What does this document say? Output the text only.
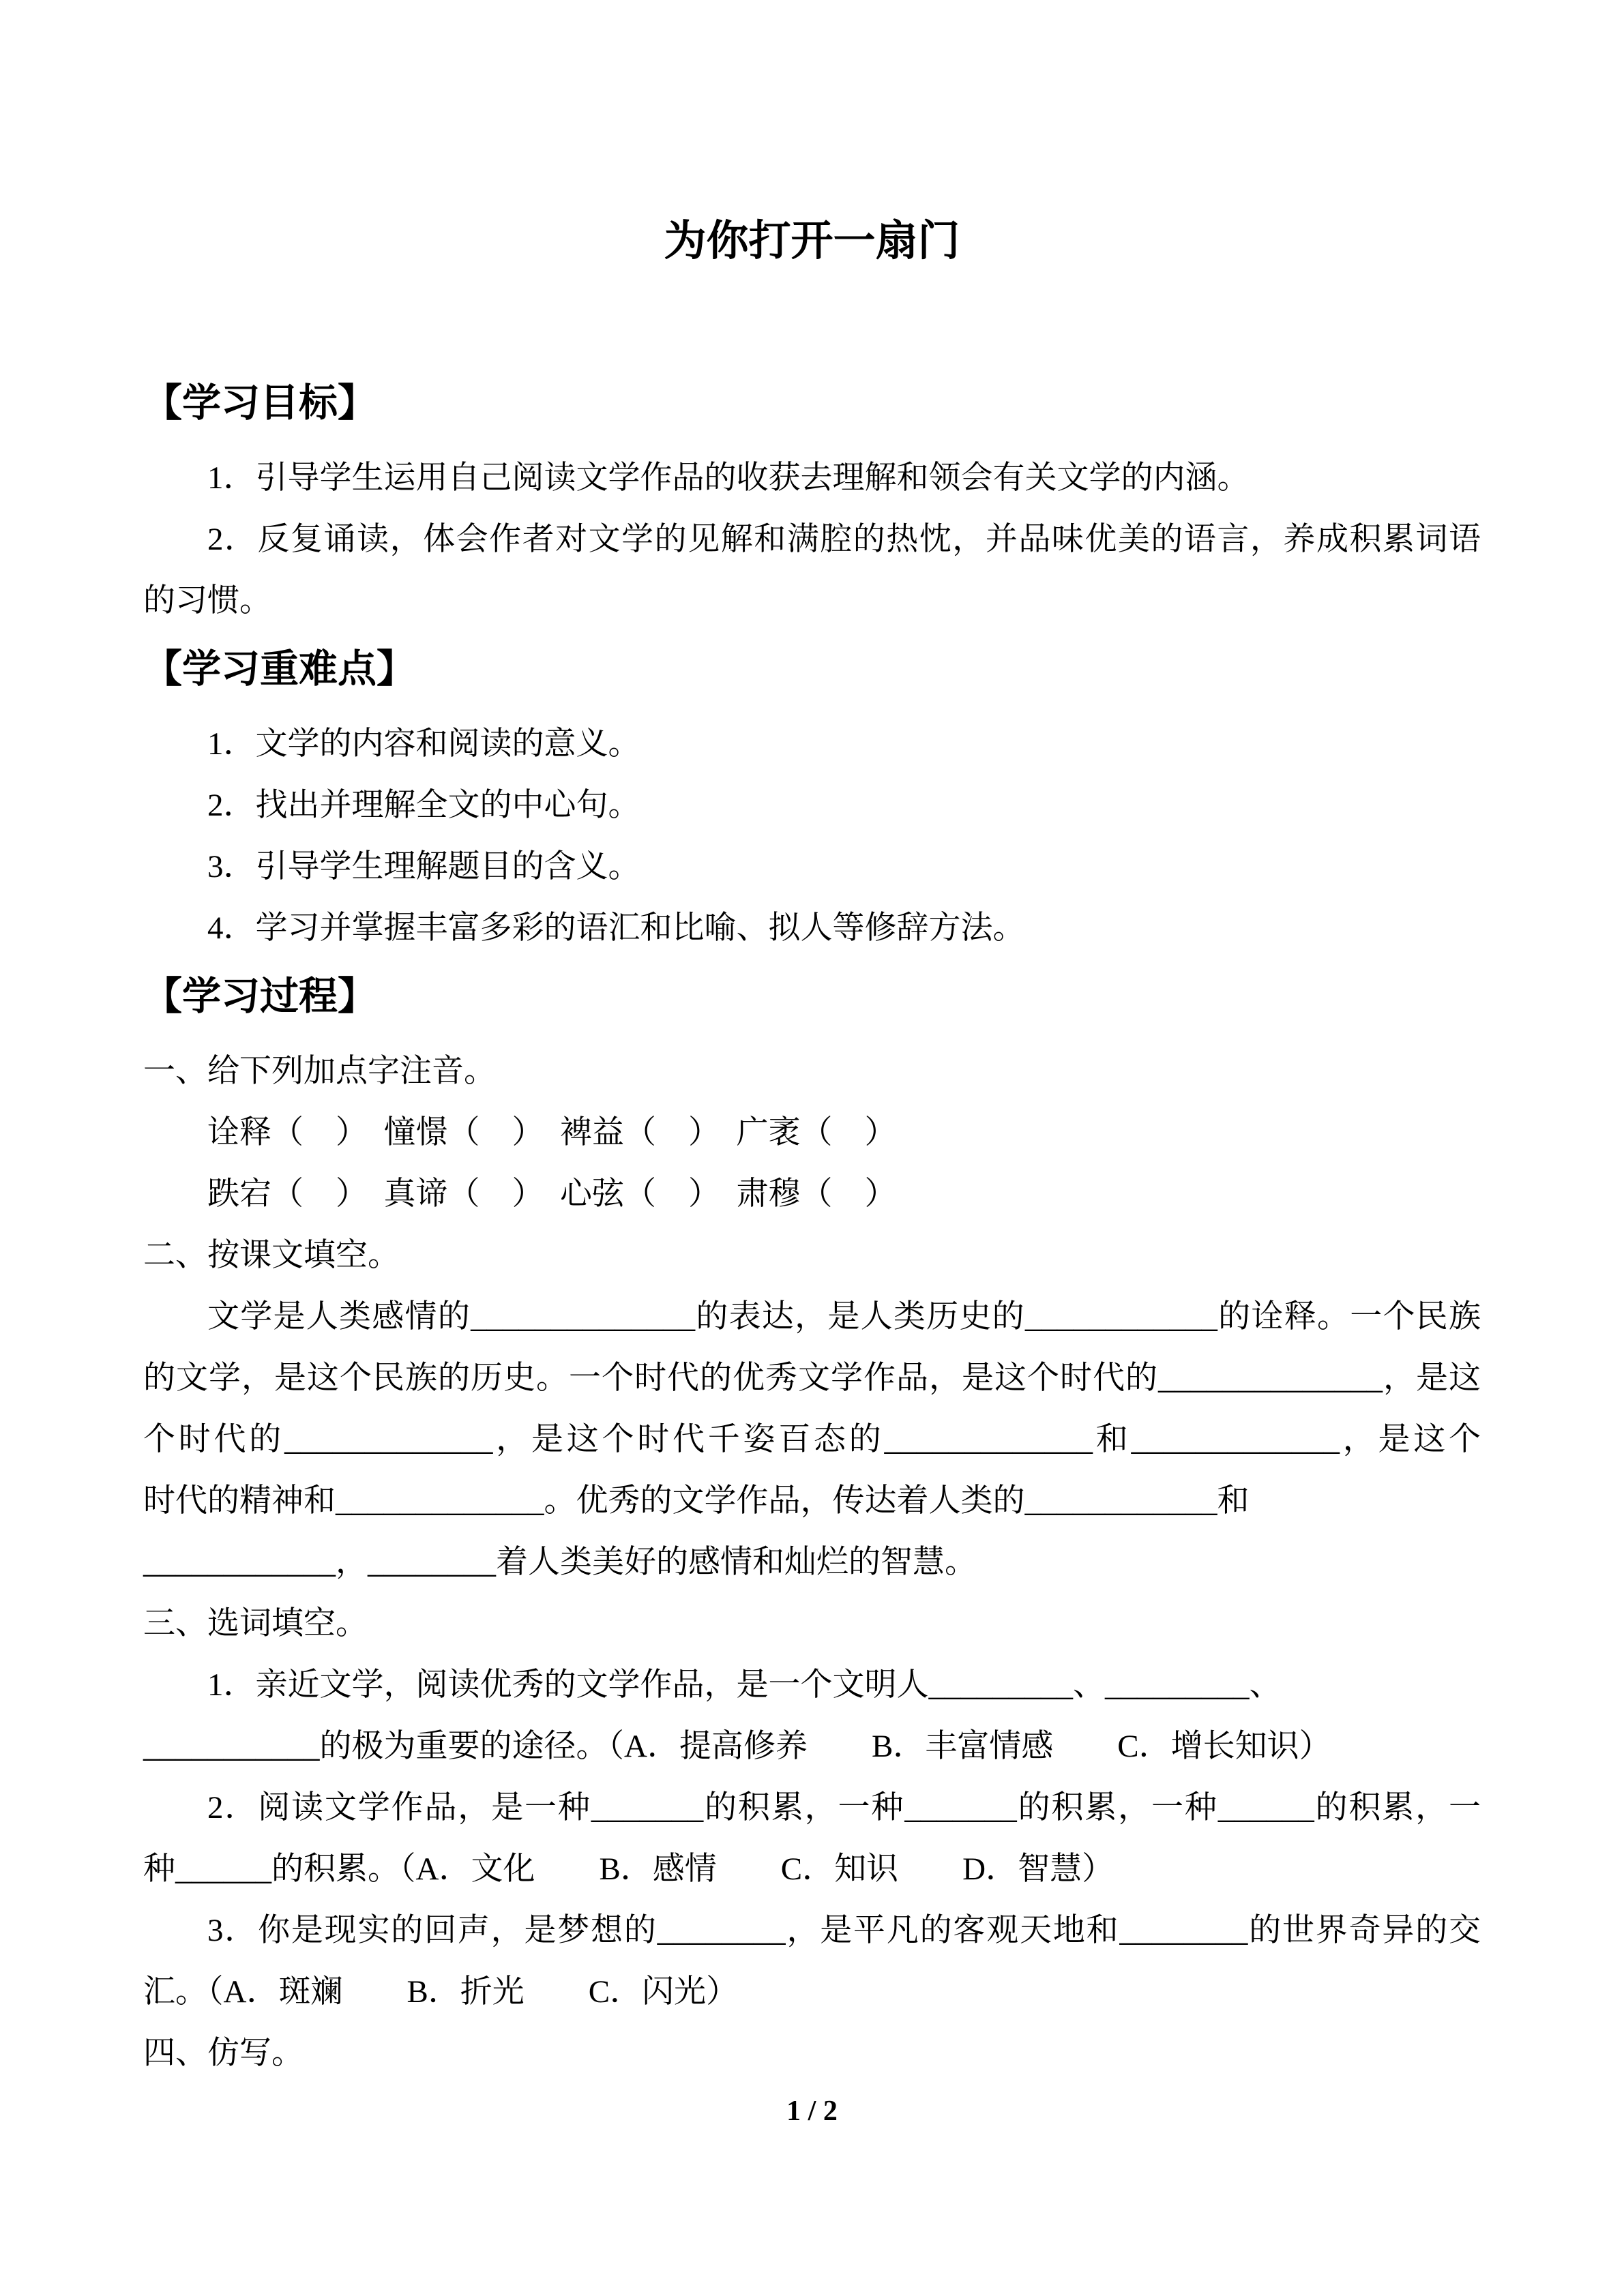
为你打开一扇门
【学习目标】
1．引导学生运用自己阅读文学作品的收获去理解和领会有关文学的内涵。
2．反复诵读，体会作者对文学的见解和满腔的热忱，并品味优美的语言，养成积累词语
的习惯。
【学习重难点】
1．文学的内容和阅读的意义。
2．找出并理解全文的中心句。
3．引导学生理解题目的含义。
4．学习并掌握丰富多彩的语汇和比喻、拟人等修辞方法。
【学习过程】
一、给下列加点字注音。
诠释（　）　憧憬（　）　裨益（　）　广袤（　）
跌宕（　）　真谛（　）　心弦（　）　肃穆（　）
二、按课文填空。
文学是人类感情的______________的表达，是人类历史的____________的诠释。一个民族
的文学，是这个民族的历史。一个时代的优秀文学作品，是这个时代的______________，是这
个时代的_____________，是这个时代千姿百态的_____________和_____________，是这个
时代的精神和_____________。优秀的文学作品，传达着人类的____________和
____________，________着人类美好的感情和灿烂的智慧。
三、选词填空。
1．亲近文学，阅读优秀的文学作品，是一个文明人_________、_________、
___________的极为重要的途径。（A．提高修养　　B．丰富情感　　C．增长知识）
2．阅读文学作品，是一种_______的积累，一种_______的积累，一种______的积累，一
种______的积累。（A．文化　　B．感情　　C．知识　　D．智慧）
3．你是现实的回声，是梦想的________，是平凡的客观天地和________的世界奇异的交
汇。（A．斑斓　　B．折光　　C．闪光）
四、仿写。
1 / 2
